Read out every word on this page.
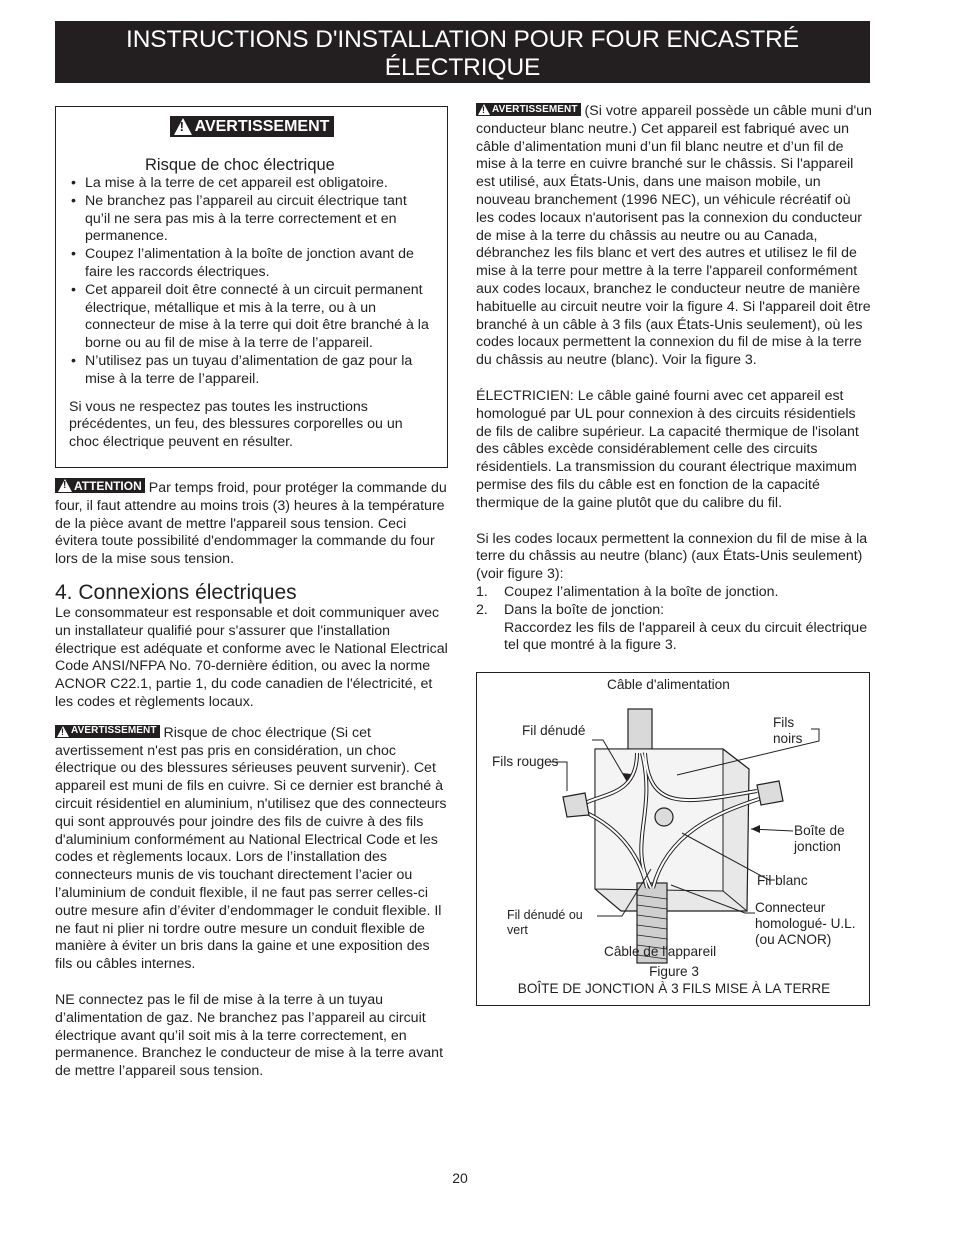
INSTRUCTIONS D'INSTALLATION POUR FOUR ENCASTRÉ ÉLECTRIQUE
(Combiné à une table de cuisson électrique ou à gaz (en option))
!
AVERTISSEMENT
Risque de choc électrique
• La mise à la terre de cet appareil est obligatoire.
• Ne branchez pas l’appareil au circuit électrique tant qu’il ne sera pas mis à la terre correctement et en permanence.
• Coupez l’alimentation à la boîte de jonction avant de faire les raccords électriques.
• Cet appareil doit être connecté à un circuit permanent électrique, métallique et mis à la terre, ou à un connecteur de mise à la terre qui doit être branché à la borne ou au fil de mise à la terre de l’appareil.
• N’utilisez pas un tuyau d’alimentation de gaz pour la mise à la terre de l’appareil.

Si vous ne respectez pas toutes les instructions précédentes, un feu, des blessures corporelles ou un choc électrique peuvent en résulter.

!
ATTENTION Par temps froid, pour protéger la commande du four, il faut attendre au moins trois (3) heures à la température de la pièce avant de mettre l'appareil sous tension. Ceci évitera toute possibilité d'endommager la commande du four lors de la mise sous tension.

4. Connexions électriques

Le consommateur est responsable et doit communiquer avec un installateur qualifié pour s'assurer que l'installation électrique est adéquate et conforme avec le National Electrical Code ANSI/NFPA No. 70-dernière édition, ou avec la norme ACNOR C22.1, partie 1, du code canadien de l'électricité, et les codes et règlements locaux.

!
AVERTISSEMENT Risque de choc électrique (Si cet avertissement n'est pas pris en considération, un choc électrique ou des blessures sérieuses peuvent survenir). Cet appareil est muni de fils en cuivre. Si ce dernier est branché à circuit résidentiel en aluminium, n'utilisez que des connecteurs qui sont approuvés pour joindre des fils de cuivre à des fils d'aluminium conformément au National Electrical Code et les codes et règlements locaux. Lors de l’installation des connecteurs munis de vis touchant directement l’acier ou l’aluminium de conduit flexible, il ne faut pas serrer celles-ci outre mesure afin d’éviter d’endommager le conduit flexible. Il ne faut ni plier ni tordre outre mesure un conduit flexible de manière à éviter un bris dans la gaine et une exposition des fils ou câbles internes.

NE connectez pas le fil de mise à la terre à un tuyau d’alimentation de gaz. Ne branchez pas l’appareil au circuit électrique avant qu’il soit mis à la terre correctement, en permanence. Branchez le conducteur de mise à la terre avant de mettre l’appareil sous tension.

!
AVERTISSEMENT (Si votre appareil possède un câble muni d'un conducteur blanc neutre.) Cet appareil est fabriqué avec un câble d’alimentation muni d’un fil blanc neutre et d’un fil de mise à la terre en cuivre branché sur le châssis. Si l'appareil est utilisé, aux États-Unis, dans une maison mobile, un nouveau branchement (1996 NEC), un véhicule récréatif où les codes locaux n'autorisent pas la connexion du conducteur de mise à la terre du châssis au neutre ou au Canada, débranchez les fils blanc et vert des autres et utilisez le fil de mise à la terre pour mettre à la terre l'appareil conformément aux codes locaux, branchez le conducteur neutre de manière habituelle au circuit neutre voir la figure 4. Si l'appareil doit être branché à un câble à 3 fils (aux États-Unis seulement), où les codes locaux permettent la connexion du fil de mise à la terre du châssis au neutre (blanc). Voir la figure 3.

ÉLECTRICIEN: Le câble gainé fourni avec cet appareil est homologué par UL pour connexion à des circuits résidentiels de fils de calibre supérieur. La capacité thermique de l'isolant des câbles excède considérablement celle des circuits résidentiels. La transmission du courant électrique maximum permise des fils du câble est en fonction de la capacité thermique de la gaine plutôt que du calibre du fil.

Si les codes locaux permettent la connexion du fil de mise à la terre du châssis au neutre (blanc) (aux États-Unis seulement) (voir figure 3):

1. Coupez l’alimentation à la boîte de jonction.
2. Dans la boîte de jonction:
Raccordez les fils de l'appareil à ceux du circuit électrique tel que montré à la figure 3.
Câble d'alimentation
Fil dénudé
Fils noirs
Fils rouges
Boîte de jonction
Fil blanc
Fil dénudé ou vert
Connecteur homologué- U.L. (ou ACNOR)
Câble de l'appareil
Figure 3
BOÎTE DE JONCTION À 3 FILS MISE À LA TERRE
20
